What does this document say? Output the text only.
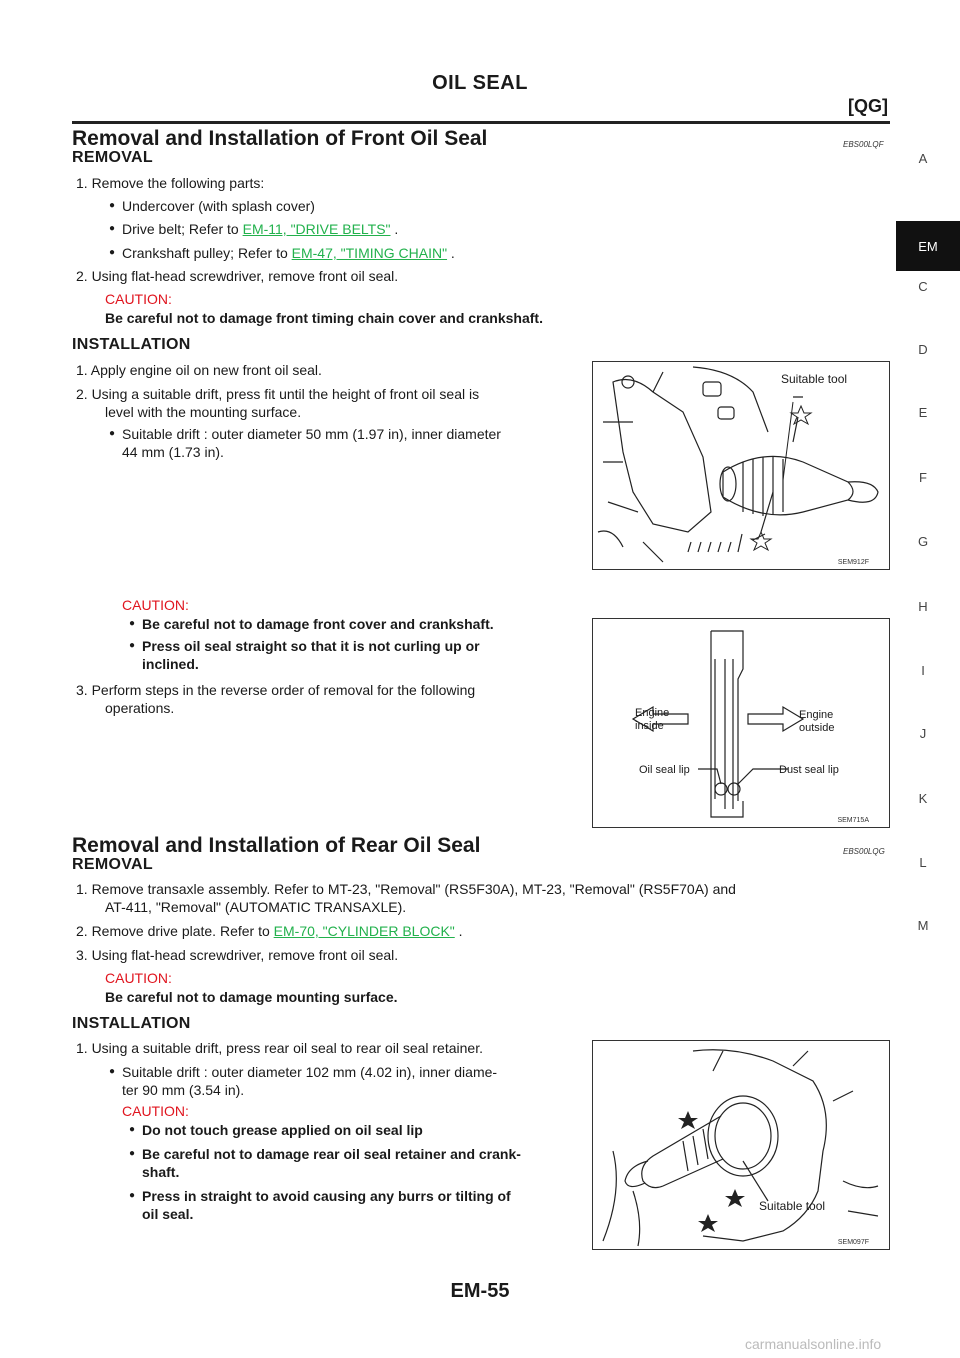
OIL SEAL
[QG]
A
EM
C
D
E
F
G
H
I
J
K
L
M
Removal and Installation of Front Oil Seal	EBS00LQF
REMOVAL
1. Remove the following parts:
● Undercover (with splash cover)
● Drive belt; Refer to EM-11, "DRIVE BELTS" .
● Crankshaft pulley; Refer to EM-47, "TIMING CHAIN" .
2. Using flat-head screwdriver, remove front oil seal.
CAUTION:
Be careful not to damage front timing chain cover and crankshaft.
INSTALLATION
1. Apply engine oil on new front oil seal.
2. Using a suitable drift, press fit until the height of front oil seal is
level with the mounting surface.
● Suitable drift : outer diameter 50 mm (1.97 in), inner diameter
44 mm (1.73 in).
Suitable tool
SEM912F
CAUTION:
● Be careful not to damage front cover and crankshaft.
● Press oil seal straight so that it is not curling up or
inclined.
3. Perform steps in the reverse order of removal for the following
operations.	Engine
inside
Engine
outside
Oil seal lip	Dust seal lip
SEM715A
Removal and Installation of Rear Oil Seal	EBS00LQG
REMOVAL
1. Remove transaxle assembly. Refer to MT-23, "Removal" (RS5F30A), MT-23, "Removal" (RS5F70A) and
AT-411, "Removal" (AUTOMATIC TRANSAXLE).
2. Remove drive plate. Refer to EM-70, "CYLINDER BLOCK" .
3. Using flat-head screwdriver, remove front oil seal.
CAUTION:
Be careful not to damage mounting surface.
INSTALLATION
1. Using a suitable drift, press rear oil seal to rear oil seal retainer.
● Suitable drift : outer diameter 102 mm (4.02 in), inner diame-
ter 90 mm (3.54 in).
CAUTION:
● Do not touch grease applied on oil seal lip
● Be careful not to damage rear oil seal retainer and crank-
shaft.
● Press in straight to avoid causing any burrs or tilting of
oil seal.	Suitable tool
SEM097F
EM-55
carmanualsonline.info
